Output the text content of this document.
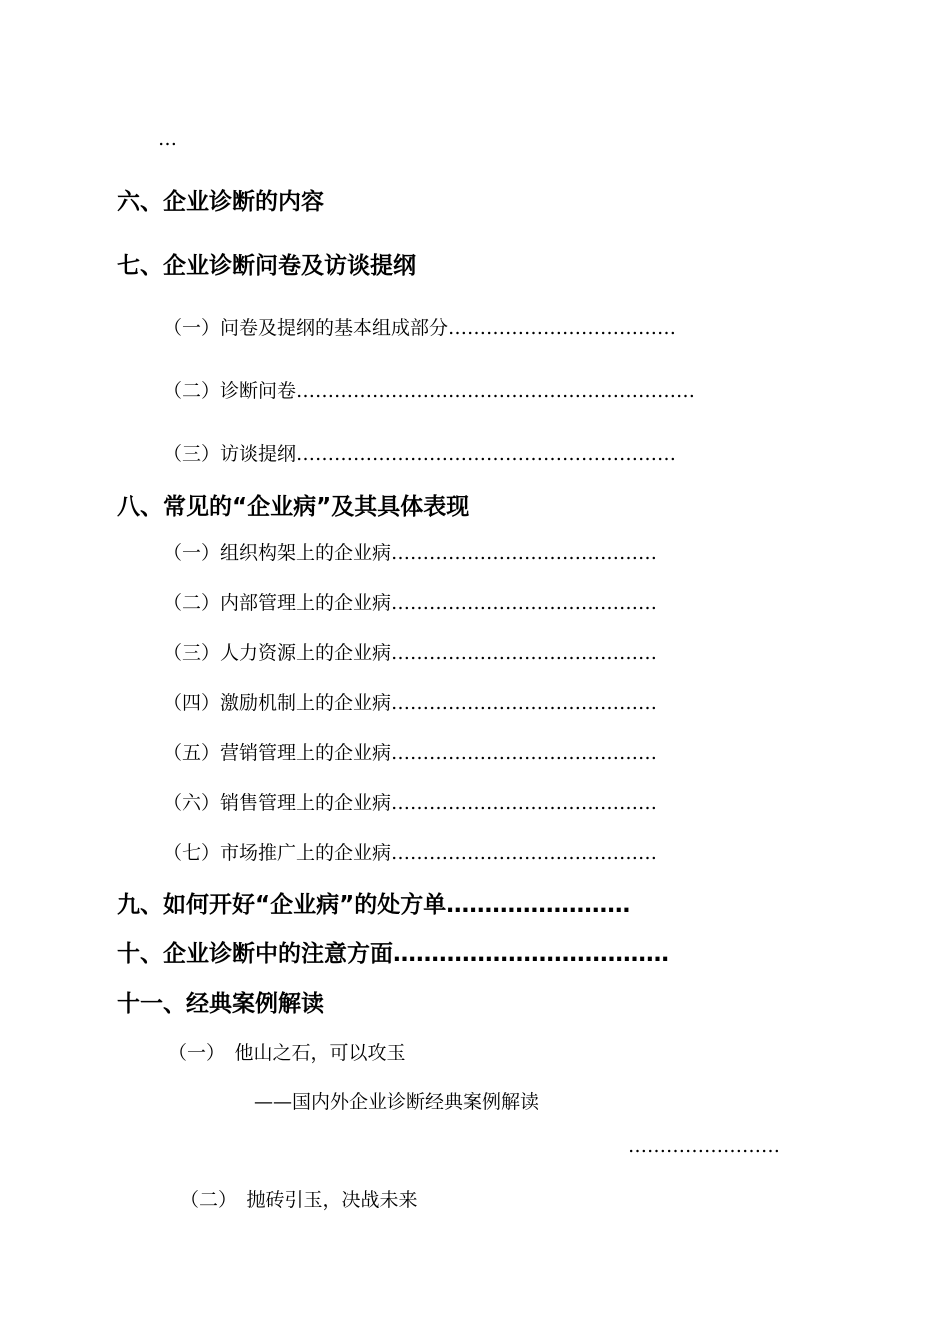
…
六、企业诊断的内容
七、企业诊断问卷及访谈提纲
（一）问卷及提纲的基本组成部分………………………………
（二）诊断问卷………………………………………………………
（三）访谈提纲……………………………………………………
八、常见的“企业病”及其具体表现
（一）组织构架上的企业病……………………………………
（二）内部管理上的企业病……………………………………
（三）人力资源上的企业病……………………………………
（四）激励机制上的企业病……………………………………
（五）营销管理上的企业病……………………………………
（六）销售管理上的企业病……………………………………
（七）市场推广上的企业病……………………………………
九、如何开好“企业病”的处方单……………………
十、企业诊断中的注意方面………………………………
十一、经典案例解读
（一）　他山之石，可以攻玉
——国内外企业诊断经典案例解读
……………………
（二）　抛砖引玉，决战未来
